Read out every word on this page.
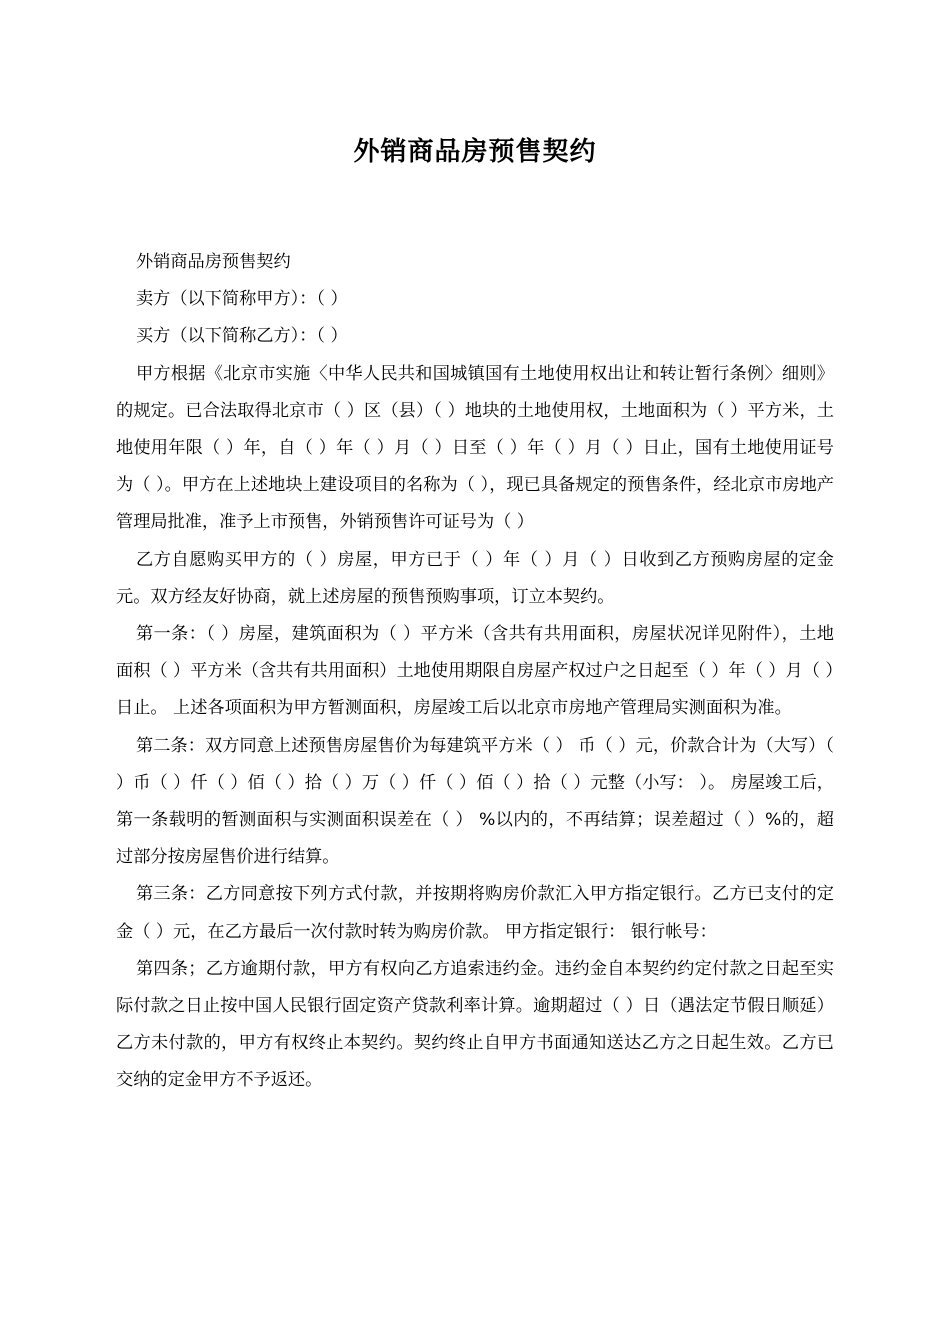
外销商品房预售契约

外销商品房预售契约

卖方（以下简称甲方）：（ ）

买方（以下简称乙方）：（ ）

甲方根据《北京市实施〈中华人民共和国城镇国有土地使用权出让和转让暂行条例〉细则》的规定。已合法取得北京市（ ）区（县）（ ）地块的土地使用权，土地面积为（ ）平方米，土地使用年限（ ）年，自（ ）年（ ）月（ ）日至（ ）年（ ）月（ ）日止，国有土地使用证号为（ ）。甲方在上述地块上建设项目的名称为（ ），现已具备规定的预售条件，经北京市房地产管理局批准，准予上市预售，外销预售许可证号为（ ）

乙方自愿购买甲方的（ ）房屋，甲方已于（ ）年（ ）月（ ）日收到乙方预购房屋的定金元。双方经友好协商，就上述房屋的预售预购事项，订立本契约。

第一条：（ ）房屋，建筑面积为（ ）平方米（含共有共用面积，房屋状况详见附件），土地面积（ ）平方米（含共有共用面积）土地使用期限自房屋产权过户之日起至（ ）年（ ）月（ ）日止。 上述各项面积为甲方暂测面积，房屋竣工后以北京市房地产管理局实测面积为准。

第二条：双方同意上述预售房屋售价为每建筑平方米（ ） 币（ ）元，价款合计为（大写）（ ）币（ ）仟（ ）佰（ ）拾（ ）万（ ）仟（ ）佰（ ）拾（ ）元整（小写： ）。 房屋竣工后，第一条载明的暂测面积与实测面积误差在（ ） %以内的，不再结算；误差超过（ ）%的，超过部分按房屋售价进行结算。

第三条：乙方同意按下列方式付款，并按期将购房价款汇入甲方指定银行。乙方已支付的定金（ ）元，在乙方最后一次付款时转为购房价款。 甲方指定银行： 银行帐号：

第四条；乙方逾期付款，甲方有权向乙方追索违约金。违约金自本契约约定付款之日起至实际付款之日止按中国人民银行固定资产贷款利率计算。逾期超过（ ）日（遇法定节假日顺延）乙方未付款的，甲方有权终止本契约。契约终止自甲方书面通知送达乙方之日起生效。乙方已交纳的定金甲方不予返还。
